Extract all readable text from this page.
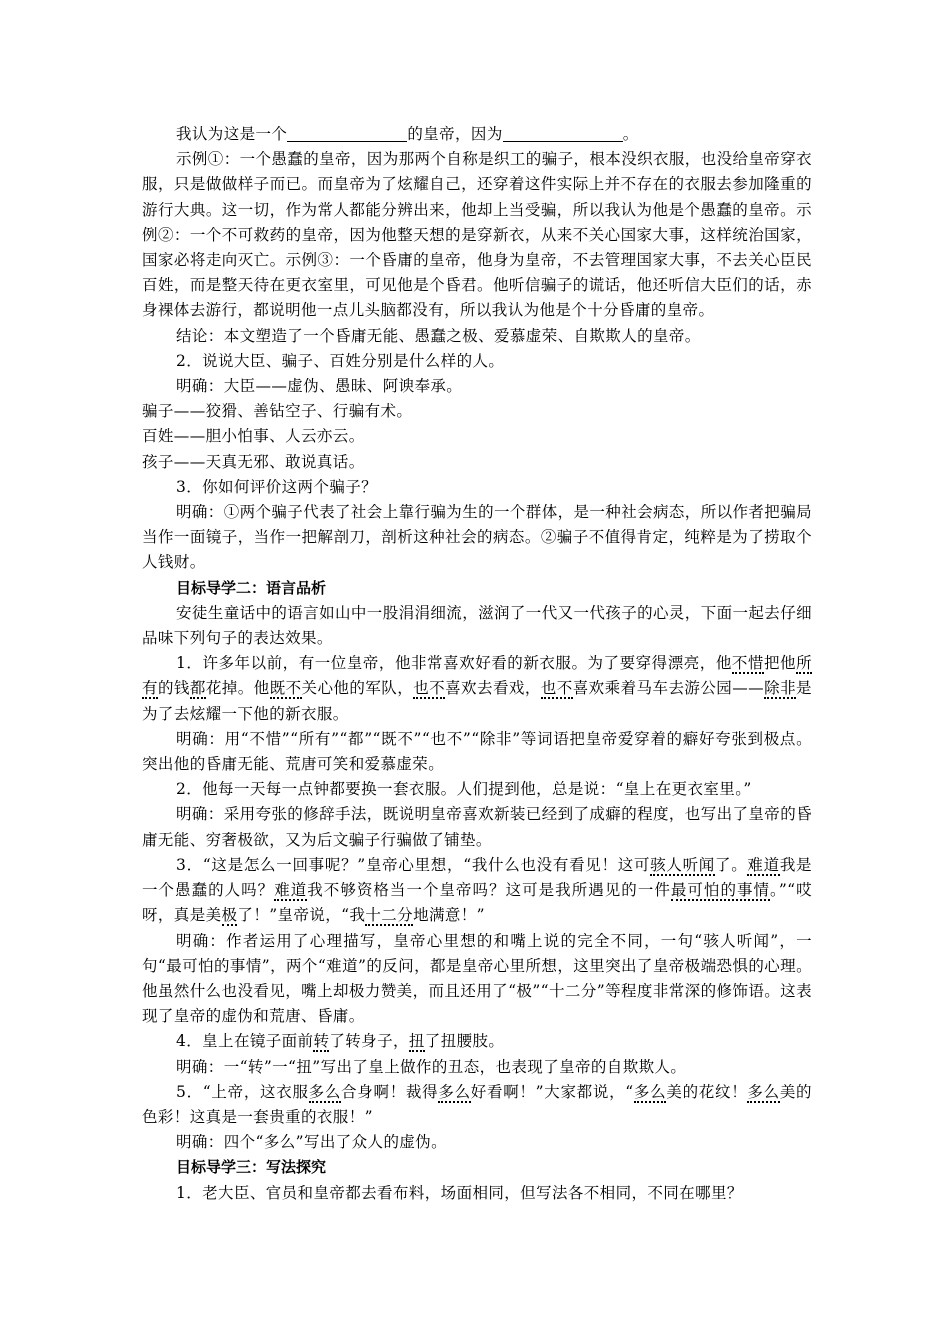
我认为这是一个	的皇帝，因为	。

示例①：一个愚蠢的皇帝，因为那两个自称是织工的骗子，根本没织衣服，也没给皇帝穿衣服，只是做做样子而已。而皇帝为了炫耀自己，还穿着这件实际上并不存在的衣服去参加隆重的游行大典。这一切，作为常人都能分辨出来，他却上当受骗，所以我认为他是个愚蠢的皇帝。示例②：一个不可救药的皇帝，因为他整天想的是穿新衣，从来不关心国家大事，这样统治国家，国家必将走向灭亡。示例③：一个昏庸的皇帝，他身为皇帝，不去管理国家大事，不去关心臣民百姓，而是整天待在更衣室里，可见他是个昏君。他听信骗子的谎话，他还听信大臣们的话，赤身裸体去游行，都说明他一点儿头脑都没有，所以我认为他是个十分昏庸的皇帝。

结论：本文塑造了一个昏庸无能、愚蠢之极、爱慕虚荣、自欺欺人的皇帝。

2．说说大臣、骗子、百姓分别是什么样的人。

明确：大臣——虚伪、愚昧、阿谀奉承。

骗子——狡猾、善钻空子、行骗有术。

百姓——胆小怕事、人云亦云。

孩子——天真无邪、敢说真话。

3．你如何评价这两个骗子？

明确：①两个骗子代表了社会上靠行骗为生的一个群体，是一种社会病态，所以作者把骗局当作一面镜子，当作一把解剖刀，剖析这种社会的病态。②骗子不值得肯定，纯粹是为了捞取个人钱财。

目标导学二：语言品析

安徒生童话中的语言如山中一股涓涓细流，滋润了一代又一代孩子的心灵，下面一起去仔细品味下列句子的表达效果。

1．许多年以前，有一位皇帝，他非常喜欢好看的新衣服。为了要穿得漂亮，他不惜把他所有的钱都花掉。他既不关心他的军队，也不喜欢去看戏，也不喜欢乘着马车去游公园——除非是为了去炫耀一下他的新衣服。

明确：用“不惜”“所有”“都”“既不”“也不”“除非”等词语把皇帝爱穿着的癖好夸张到极点。突出他的昏庸无能、荒唐可笑和爱慕虚荣。

2．他每一天每一点钟都要换一套衣服。人们提到他，总是说：“皇上在更衣室里。”

明确：采用夸张的修辞手法，既说明皇帝喜欢新装已经到了成癖的程度，也写出了皇帝的昏庸无能、穷奢极欲，又为后文骗子行骗做了铺垫。

3．“这是怎么一回事呢？”皇帝心里想，“我什么也没有看见！这可骇人听闻了。难道我是一个愚蠢的人吗？难道我不够资格当一个皇帝吗？这可是我所遇见的一件最可怕的事情。”“哎呀，真是美极了！”皇帝说，“我十二分地满意！”

明确：作者运用了心理描写，皇帝心里想的和嘴上说的完全不同，一句“骇人听闻”，一句“最可怕的事情”，两个“难道”的反问，都是皇帝心里所想，这里突出了皇帝极端恐惧的心理。他虽然什么也没看见，嘴上却极力赞美，而且还用了“极”“十二分”等程度非常深的修饰语。这表现了皇帝的虚伪和荒唐、昏庸。

4．皇上在镜子面前转了转身子，扭了扭腰肢。

明确：一“转”一“扭”写出了皇上做作的丑态，也表现了皇帝的自欺欺人。

5．“上帝，这衣服多么合身啊！裁得多么好看啊！”大家都说，“多么美的花纹！多么美的色彩！这真是一套贵重的衣服！”

明确：四个“多么”写出了众人的虚伪。

目标导学三：写法探究

1．老大臣、官员和皇帝都去看布料，场面相同，但写法各不相同，不同在哪里？
